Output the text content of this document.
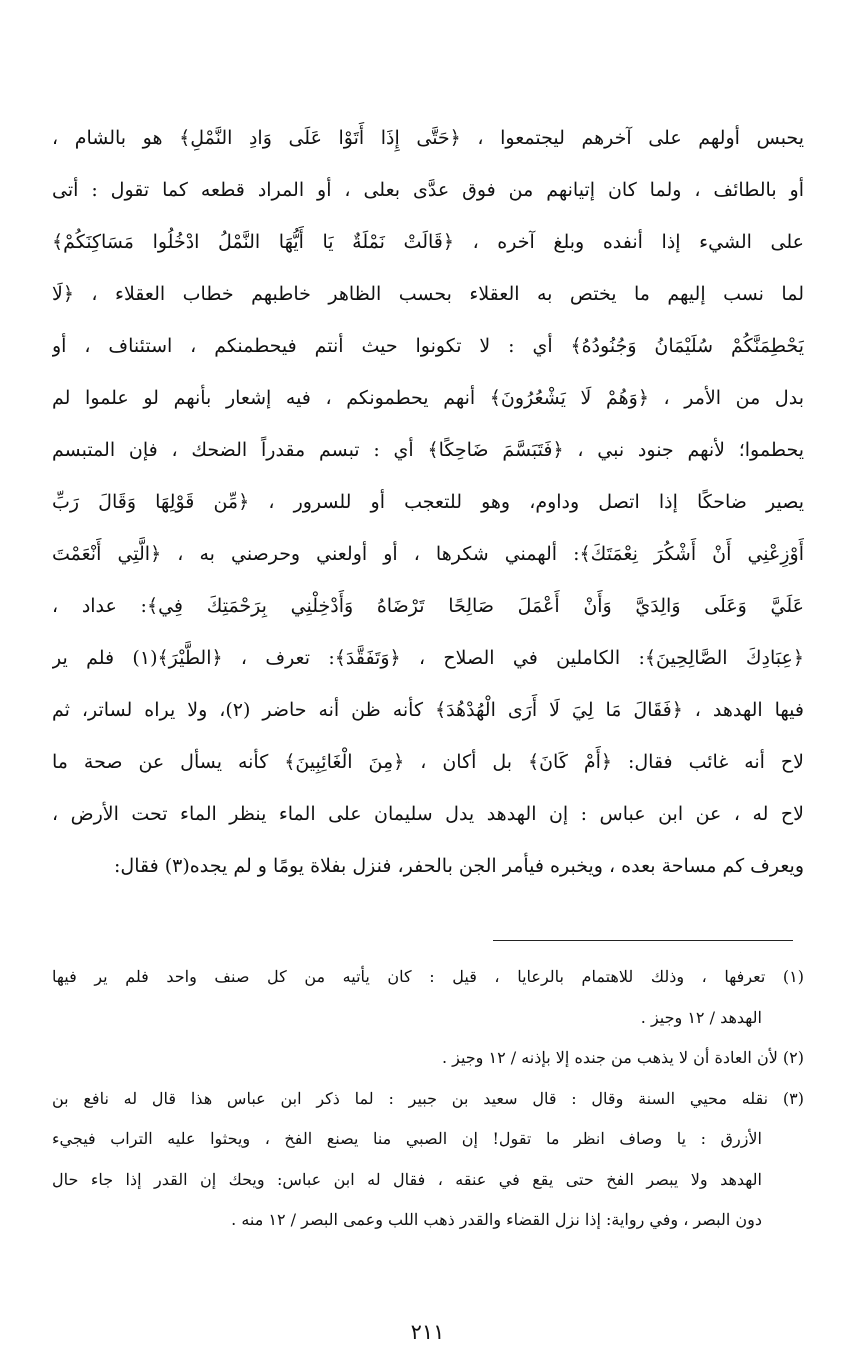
يحبس أولهم على آخرهم ليجتمعوا ، ﴿حَتَّى إِذَا أَتَوْا عَلَى وَادِ النَّمْلِ﴾ هو بالشام ،
أو بالطائف ، ولما كان إتيانهم من فوق عدَّى بعلى ، أو المراد قطعه كما تقول : أتى
على الشيء إذا أنفده وبلغ آخره ، ﴿قَالَتْ نَمْلَةٌ يَا أَيُّهَا النَّمْلُ ادْخُلُوا مَسَاكِنَكُمْ﴾
لما نسب إليهم ما يختص به العقلاء بحسب الظاهر خاطبهم خطاب العقلاء ، ﴿لَا
يَحْطِمَنَّكُمْ سُلَيْمَانُ وَجُنُودُهُ﴾ أي : لا تكونوا حيث أنتم فيحطمنكم ، استئناف ، أو
بدل من الأمر ، ﴿وَهُمْ لَا يَشْعُرُونَ﴾ أنهم يحطمونكم ، فيه إشعار بأنهم لو علموا لم
يحطموا؛ لأنهم جنود نبي ، ﴿فَتَبَسَّمَ ضَاحِكًا﴾ أي : تبسم مقدراً الضحك ، فإن المتبسم
يصير ضاحكًا إذا اتصل وداوم، وهو للتعجب أو للسرور ، ﴿مِّن قَوْلِهَا وَقَالَ رَبِّ
أَوْزِعْنِي أَنْ أَشْكُرَ نِعْمَتَكَ﴾: ألهمني شكرها ، أو أولعني وحرصني به ، ﴿الَّتِي أَنْعَمْتَ
عَلَيَّ وَعَلَى وَالِدَيَّ وَأَنْ أَعْمَلَ صَالِحًا تَرْضَاهُ وَأَدْخِلْنِي بِرَحْمَتِكَ فِي﴾: عداد ،
﴿عِبَادِكَ الصَّالِحِينَ﴾: الكاملين في الصلاح ، ﴿وَتَفَقَّدَ﴾: تعرف ، ﴿الطَّيْرَ﴾(١) فلم ير
فيها الهدهد ، ﴿فَقَالَ مَا لِيَ لَا أَرَى الْهُدْهُدَ﴾ كأنه ظن أنه حاضر (٢)، ولا يراه لساتر، ثم
لاح أنه غائب فقال: ﴿أَمْ كَانَ﴾ بل أكان ، ﴿مِنَ الْغَائِبِينَ﴾ كأنه يسأل عن صحة ما
لاح له ، عن ابن عباس : إن الهدهد يدل سليمان على الماء ينظر الماء تحت الأرض ،
ويعرف كم مساحة بعده ، ويخبره فيأمر الجن بالحفر، فنزل بفلاة يومًا و لم يجده(٣) فقال:
(١) تعرفها ، وذلك للاهتمام بالرعايا ، قيل : كان يأتيه من كل صنف واحد فلم ير فيها
الهدهد / ١٢ وجيز .
(٢) لأن العادة أن لا يذهب من جنده إلا بإذنه / ١٢ وجيز .
(٣) نقله محيي السنة وقال : قال سعيد بن جبير : لما ذكر ابن عباس هذا قال له نافع بن
الأزرق : يا وصاف انظر ما تقول! إن الصبي منا يصنع الفخ ، ويحثوا عليه التراب فيجيء
الهدهد ولا يبصر الفخ حتى يقع في عنقه ، فقال له ابن عباس: ويحك إن القدر إذا جاء حال
دون البصر ، وفي رواية: إذا نزل القضاء والقدر ذهب اللب وعمى البصر / ١٢ منه .
٢١١
